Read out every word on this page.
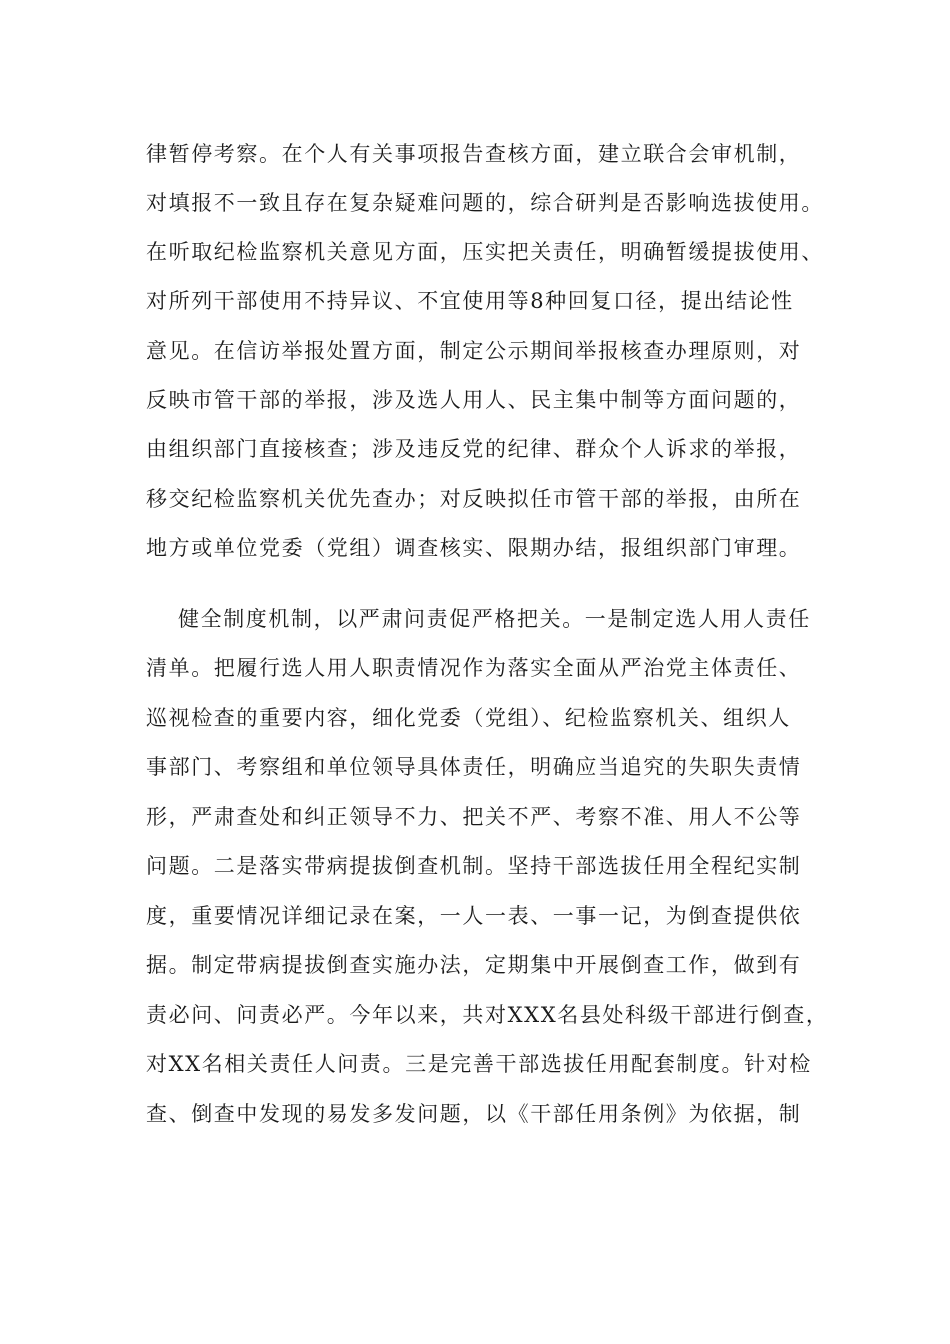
律暂停考察。在个人有关事项报告查核方面，建立联合会审机制，
对填报不一致且存在复杂疑难问题的，综合研判是否影响选拔使用。
在听取纪检监察机关意见方面，压实把关责任，明确暂缓提拔使用、
对所列干部使用不持异议、不宜使用等8种回复口径，提出结论性
意见。在信访举报处置方面，制定公示期间举报核查办理原则，对
反映市管干部的举报，涉及选人用人、民主集中制等方面问题的，
由组织部门直接核查；涉及违反党的纪律、群众个人诉求的举报，
移交纪检监察机关优先查办；对反映拟任市管干部的举报，由所在
地方或单位党委（党组）调查核实、限期办结，报组织部门审理。
健全制度机制，以严肃问责促严格把关。一是制定选人用人责任
清单。把履行选人用人职责情况作为落实全面从严治党主体责任、
巡视检查的重要内容，细化党委（党组）、纪检监察机关、组织人
事部门、考察组和单位领导具体责任，明确应当追究的失职失责情
形，严肃查处和纠正领导不力、把关不严、考察不准、用人不公等
问题。二是落实带病提拔倒查机制。坚持干部选拔任用全程纪实制
度，重要情况详细记录在案，一人一表、一事一记，为倒查提供依
据。制定带病提拔倒查实施办法，定期集中开展倒查工作，做到有
责必问、问责必严。今年以来，共对XXX名县处科级干部进行倒查，
对XX名相关责任人问责。三是完善干部选拔任用配套制度。针对检
查、倒查中发现的易发多发问题，以《干部任用条例》为依据，制
